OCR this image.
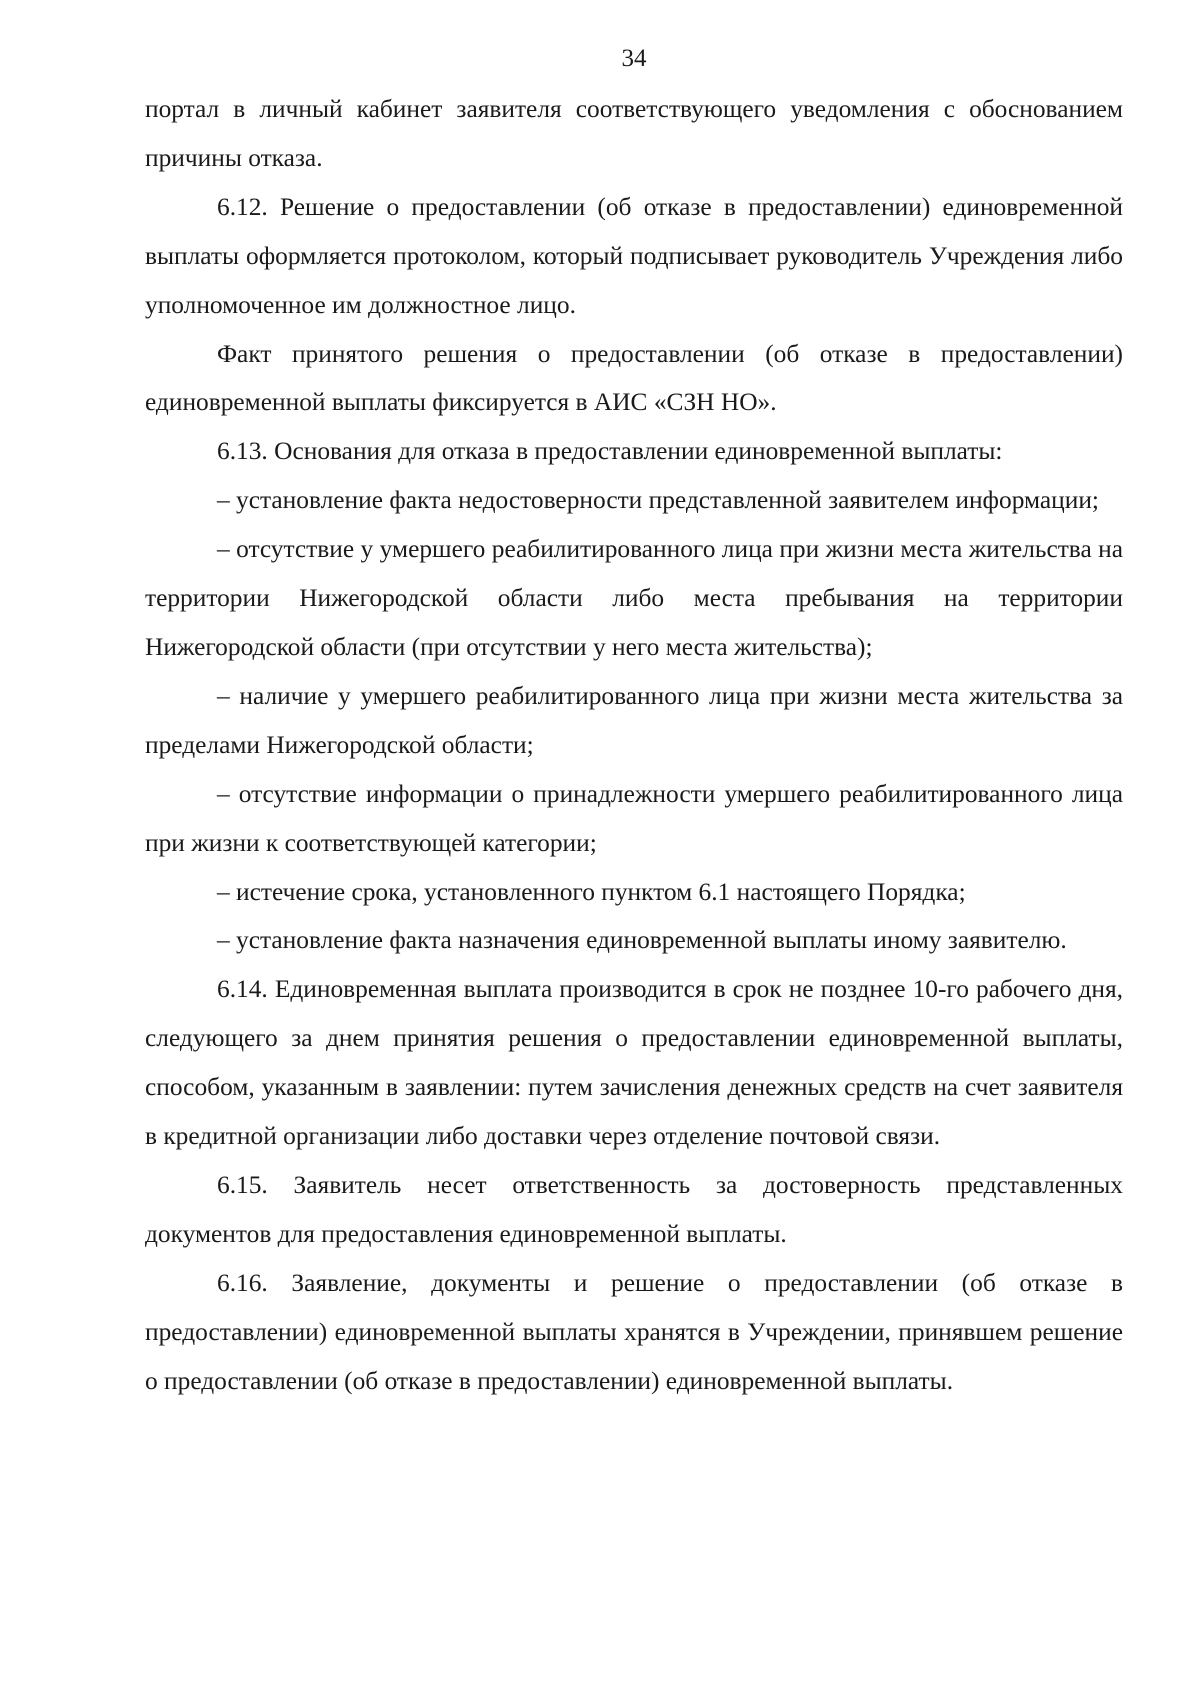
34

портал в личный кабинет заявителя соответствующего уведомления с обоснованием причины отказа.

6.12. Решение о предоставлении (об отказе в предоставлении) единовременной выплаты оформляется протоколом, который подписывает руководитель Учреждения либо уполномоченное им должностное лицо.

Факт принятого решения о предоставлении (об отказе в предоставлении) единовременной выплаты фиксируется в АИС «СЗН НО».

6.13. Основания для отказа в предоставлении единовременной выплаты:

– установление факта недостоверности представленной заявителем информации;

– отсутствие у умершего реабилитированного лица при жизни места жительства на территории Нижегородской области либо места пребывания на территории Нижегородской области (при отсутствии у него места жительства);

– наличие у умершего реабилитированного лица при жизни места жительства за пределами Нижегородской области;

– отсутствие информации о принадлежности умершего реабилитированного лица при жизни к соответствующей категории;

– истечение срока, установленного пунктом 6.1 настоящего Порядка;

– установление факта назначения единовременной выплаты иному заявителю.

6.14. Единовременная выплата производится в срок не позднее 10-го рабочего дня, следующего за днем принятия решения о предоставлении единовременной выплаты, способом, указанным в заявлении: путем зачисления денежных средств на счет заявителя в кредитной организации либо доставки через отделение почтовой связи.

6.15. Заявитель несет ответственность за достоверность представленных документов для предоставления единовременной выплаты.

6.16. Заявление, документы и решение о предоставлении (об отказе в предоставлении) единовременной выплаты хранятся в Учреждении, принявшем решение о предоставлении (об отказе в предоставлении) единовременной выплаты.
